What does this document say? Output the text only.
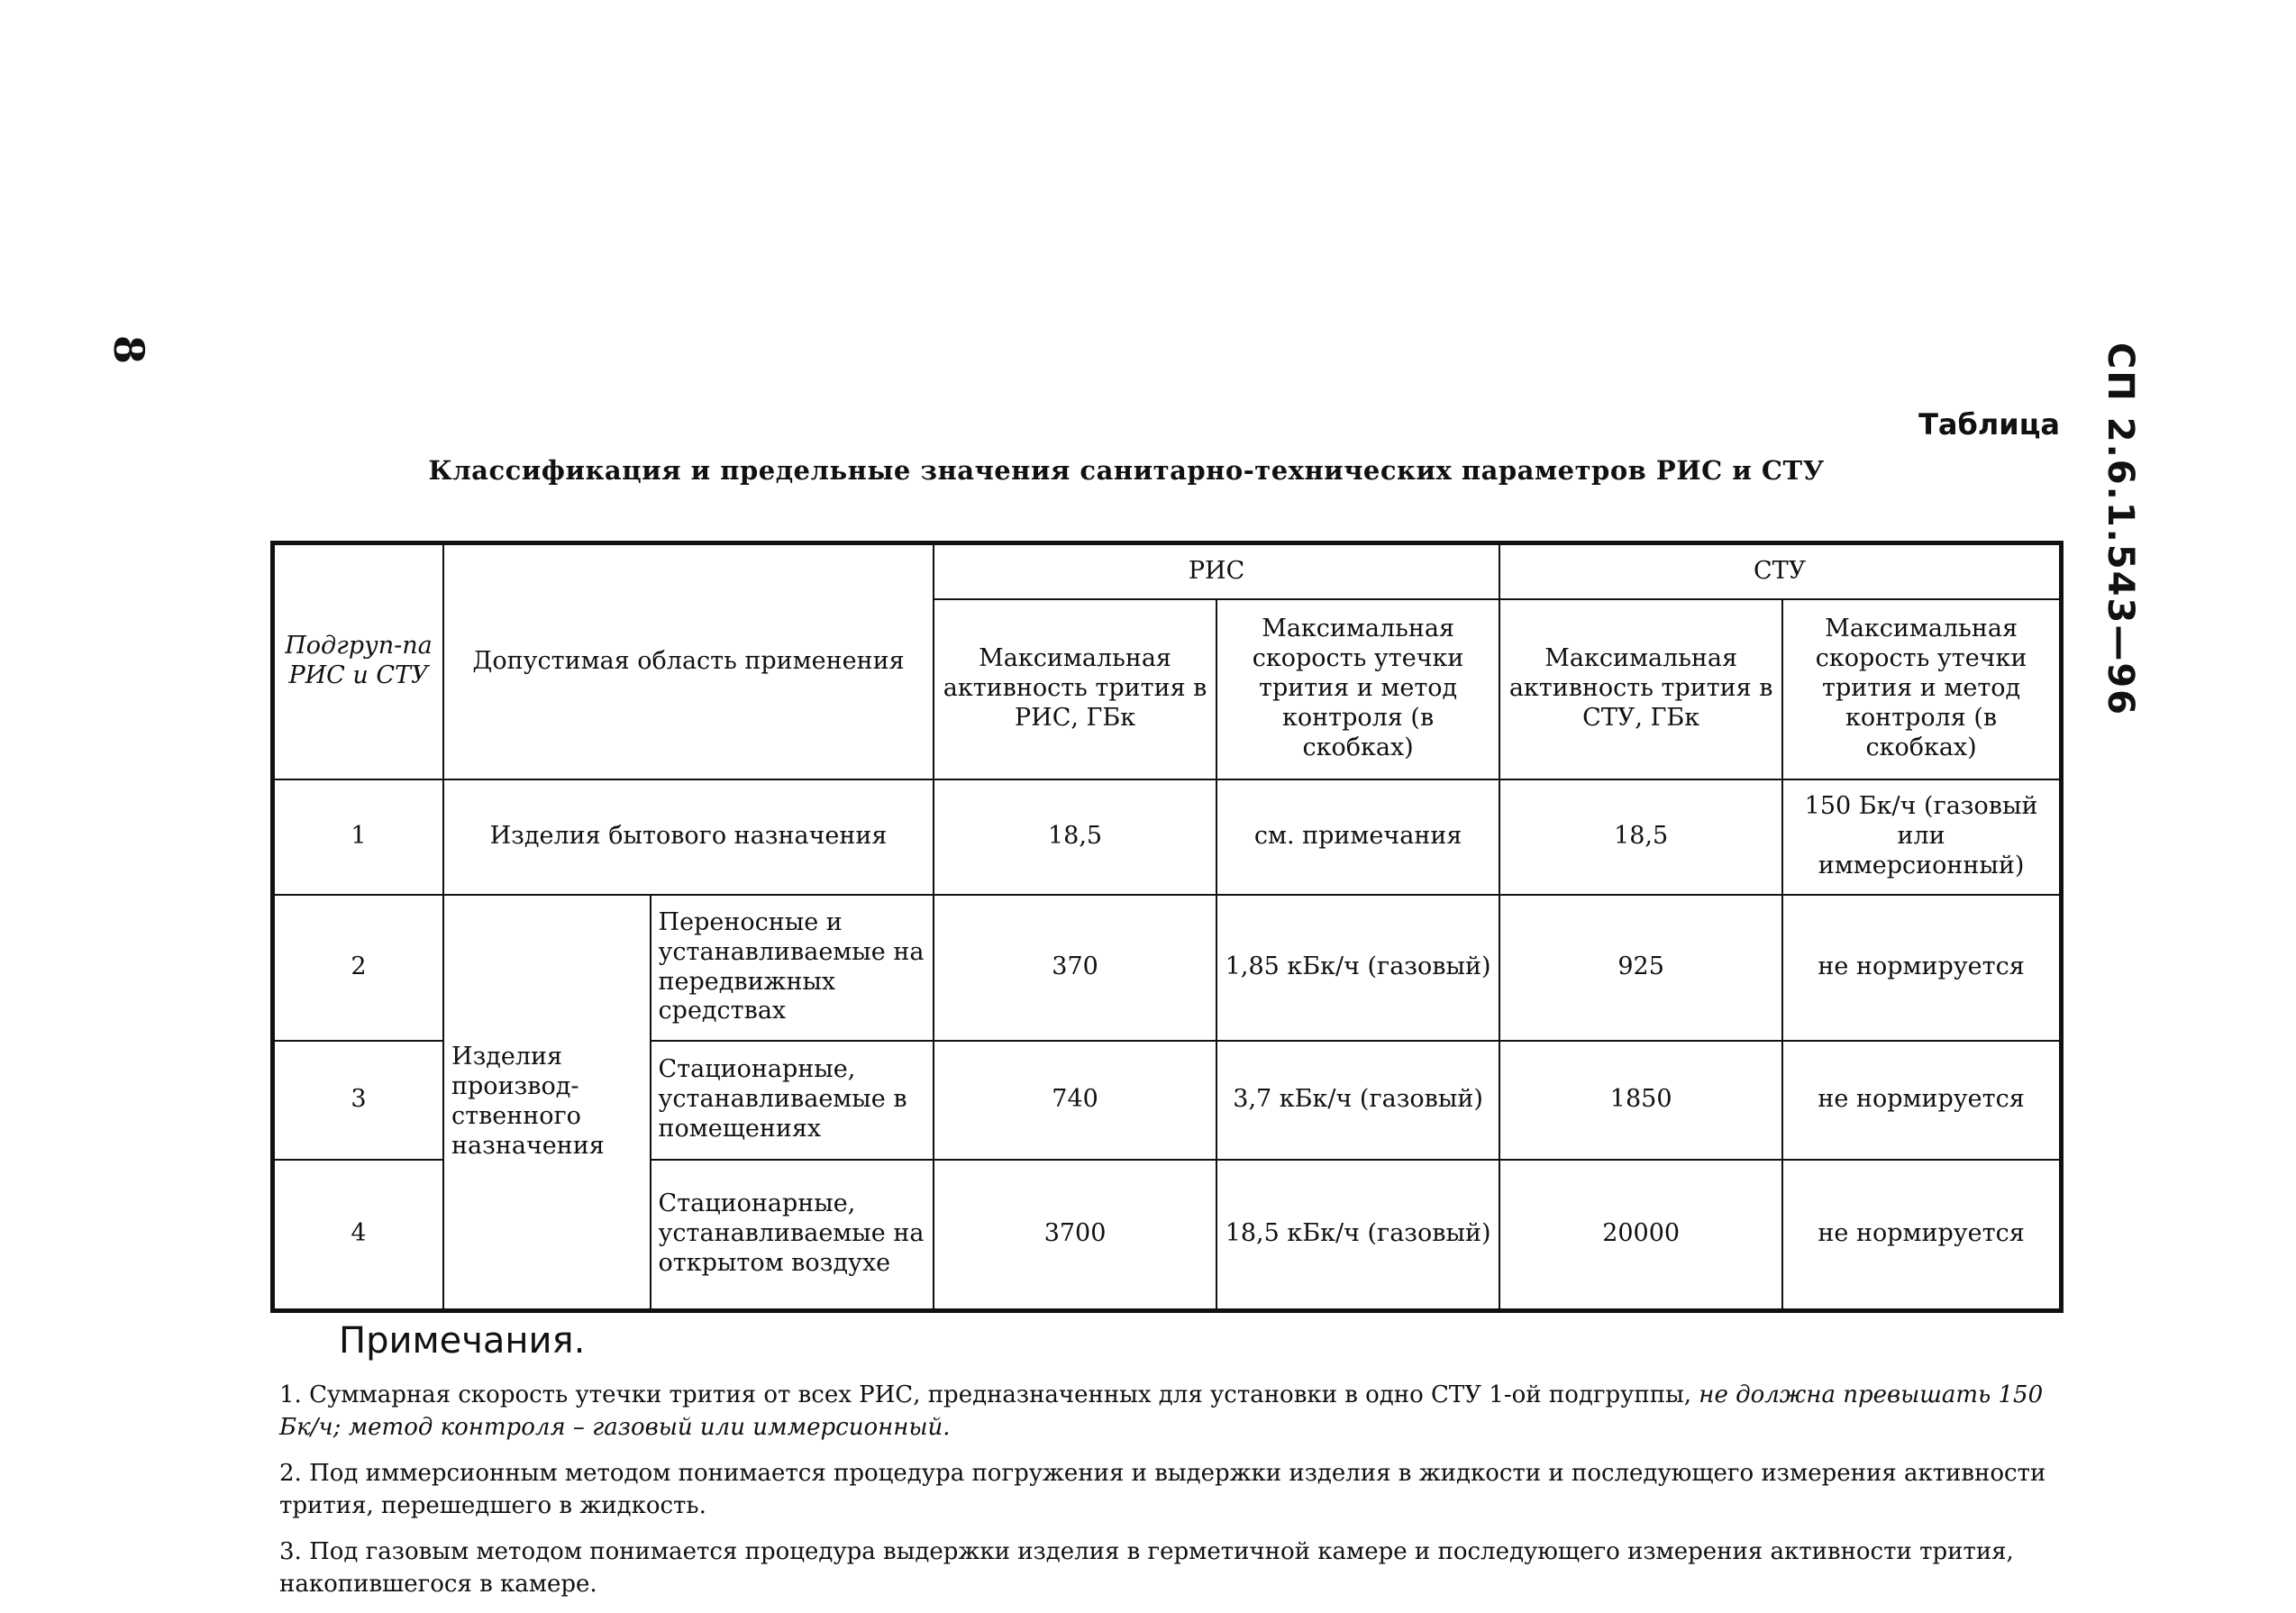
8	СП 2.6.1.543—96
Таблица
Классификация и предельные значения санитарно-технических параметров РИС и СТУ
Подгруп-па РИС и СТУ	Допустимая область применения		РИС		СТУ	
			Максимальная активность трития в РИС, ГБк	Максимальная скорость утечки трития и метод контроля (в скобках)	Максимальная активность трития в СТУ, ГБк	Максимальная скорость утечки трития и метод контроля (в скобках)
1	Изделия бытового назначения		18,5	см. примечания	18,5	150 Бк/ч (газовый или иммерсионный)
2	Изделия производ-ственного назначения	Переносные и устанавливаемые на передвижных средствах	370	1,85 кБк/ч (газовый)	925	не нормируется
3		Стационарные, устанавливаемые в помещениях	740	3,7 кБк/ч (газовый)	1850	не нормируется
4		Стационарные, устанавливаемые на открытом воздухе	3700	18,5 кБк/ч (газовый)	20000	не нормируется
Примечания.
1. Суммарная скорость утечки трития от всех РИС, предназначенных для установки в одно СТУ 1-ой подгруппы, не должна превышать 150 Бк/ч; метод контроля – газовый или иммерсионный.
2. Под иммерсионным методом понимается процедура погружения и выдержки изделия в жидкости и последующего измерения активности трития, перешедшего в жидкость.
3. Под газовым методом понимается процедура выдержки изделия в герметичной камере и последующего измерения активности трития, накопившегося в камере.
